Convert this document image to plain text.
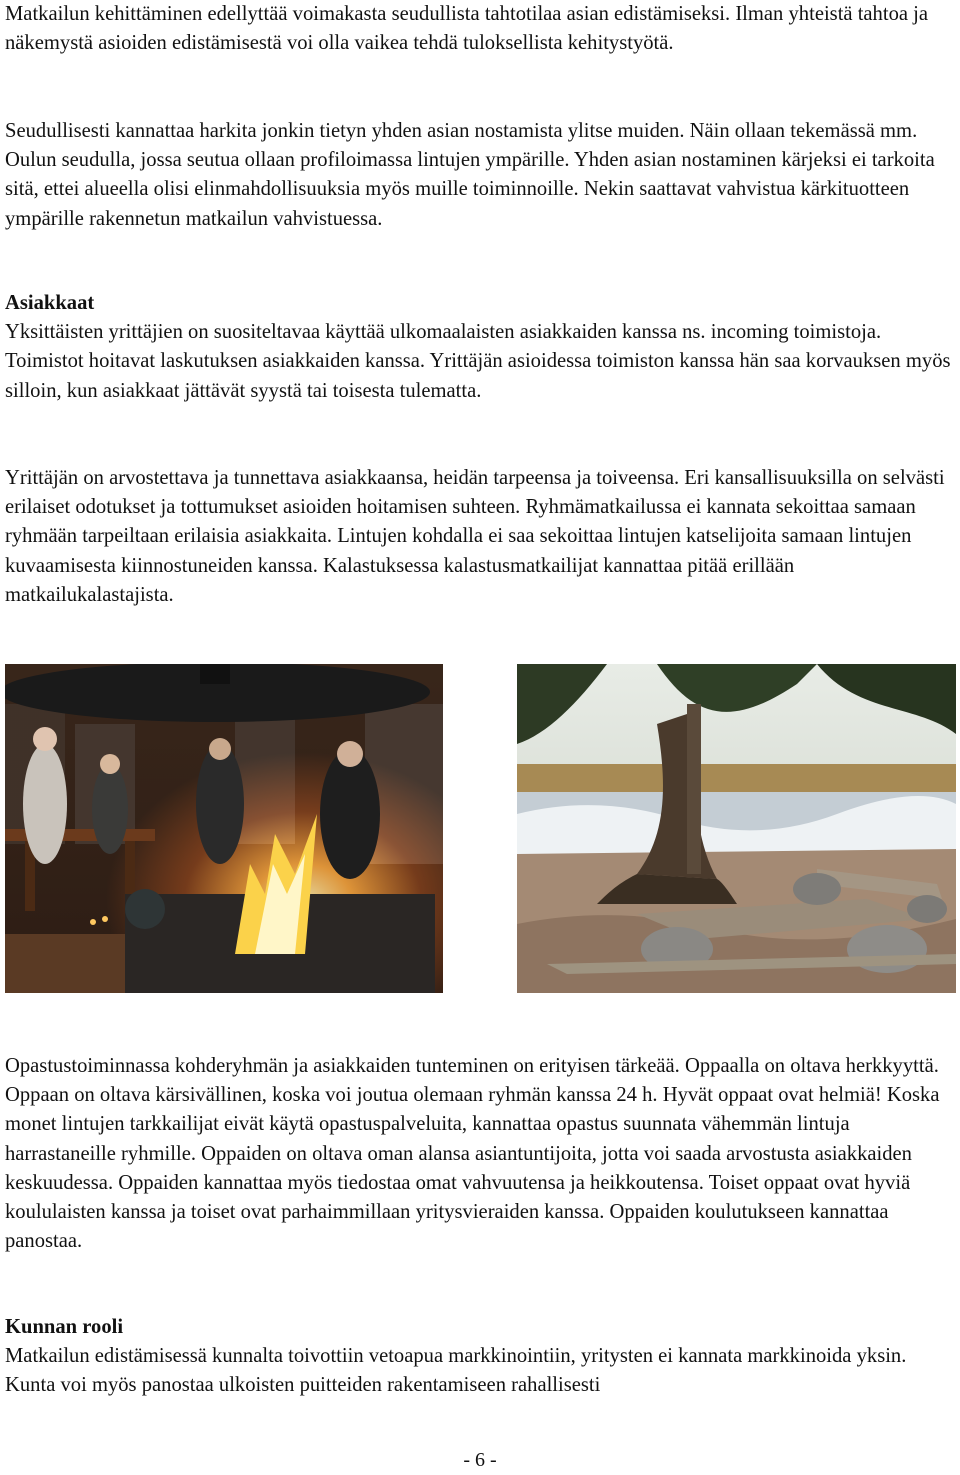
Matkailun kehittäminen edellyttää voimakasta seudullista tahtotilaa asian edistämiseksi. Ilman yhteistä tahtoa ja näkemystä asioiden edistämisestä voi olla vaikea tehdä tuloksellista kehitystyötä.

Seudullisesti kannattaa harkita jonkin tietyn yhden asian nostamista ylitse muiden. Näin ollaan tekemässä mm. Oulun seudulla, jossa seutua ollaan profiloimassa lintujen ympärille. Yhden asian nostaminen kärjeksi ei tarkoita sitä, ettei alueella olisi elinmahdollisuuksia myös muille toiminnoille. Nekin saattavat vahvistua kärkituotteen ympärille rakennetun matkailun vahvistuessa.

Asiakkaat

Yksittäisten yrittäjien on suositeltavaa käyttää ulkomaalaisten asiakkaiden kanssa ns. incoming toimistoja. Toimistot hoitavat laskutuksen asiakkaiden kanssa. Yrittäjän asioidessa toimiston kanssa hän saa korvauksen myös silloin, kun asiakkaat jättävät syystä tai toisesta tulematta.

Yrittäjän on arvostettava ja tunnettava asiakkaansa, heidän tarpeensa ja toiveensa. Eri kansallisuuksilla on selvästi erilaiset odotukset ja tottumukset asioiden hoitamisen suhteen. Ryhmämatkailussa ei kannata sekoittaa samaan ryhmään tarpeiltaan erilaisia asiakkaita. Lintujen kohdalla ei saa sekoittaa lintujen katselijoita samaan lintujen kuvaamisesta kiinnostuneiden kanssa. Kalastuksessa kalastusmatkailijat kannattaa pitää erillään matkailukalastajista.

Opastustoiminnassa kohderyhmän ja asiakkaiden tunteminen on erityisen tärkeää. Oppaalla on oltava herkkyyttä. Oppaan on oltava kärsivällinen, koska voi joutua olemaan ryhmän kanssa 24 h. Hyvät oppaat ovat helmiä! Koska monet lintujen tarkkailijat eivät käytä opastuspalveluita, kannattaa opastus suunnata vähemmän lintuja harrastaneille ryhmille. Oppaiden on oltava oman alansa asiantuntijoita, jotta voi saada arvostusta asiakkaiden keskuudessa. Oppaiden kannattaa myös tiedostaa omat vahvuutensa ja heikkoutensa. Toiset oppaat ovat hyviä koululaisten kanssa ja toiset ovat parhaimmillaan yritysvieraiden kanssa. Oppaiden koulutukseen kannattaa panostaa.

Kunnan rooli

Matkailun edistämisessä kunnalta toivottiin vetoapua markkinointiin, yritysten ei kannata markkinoida yksin. Kunta voi myös panostaa ulkoisten puitteiden rakentamiseen rahallisesti

- 6 -
